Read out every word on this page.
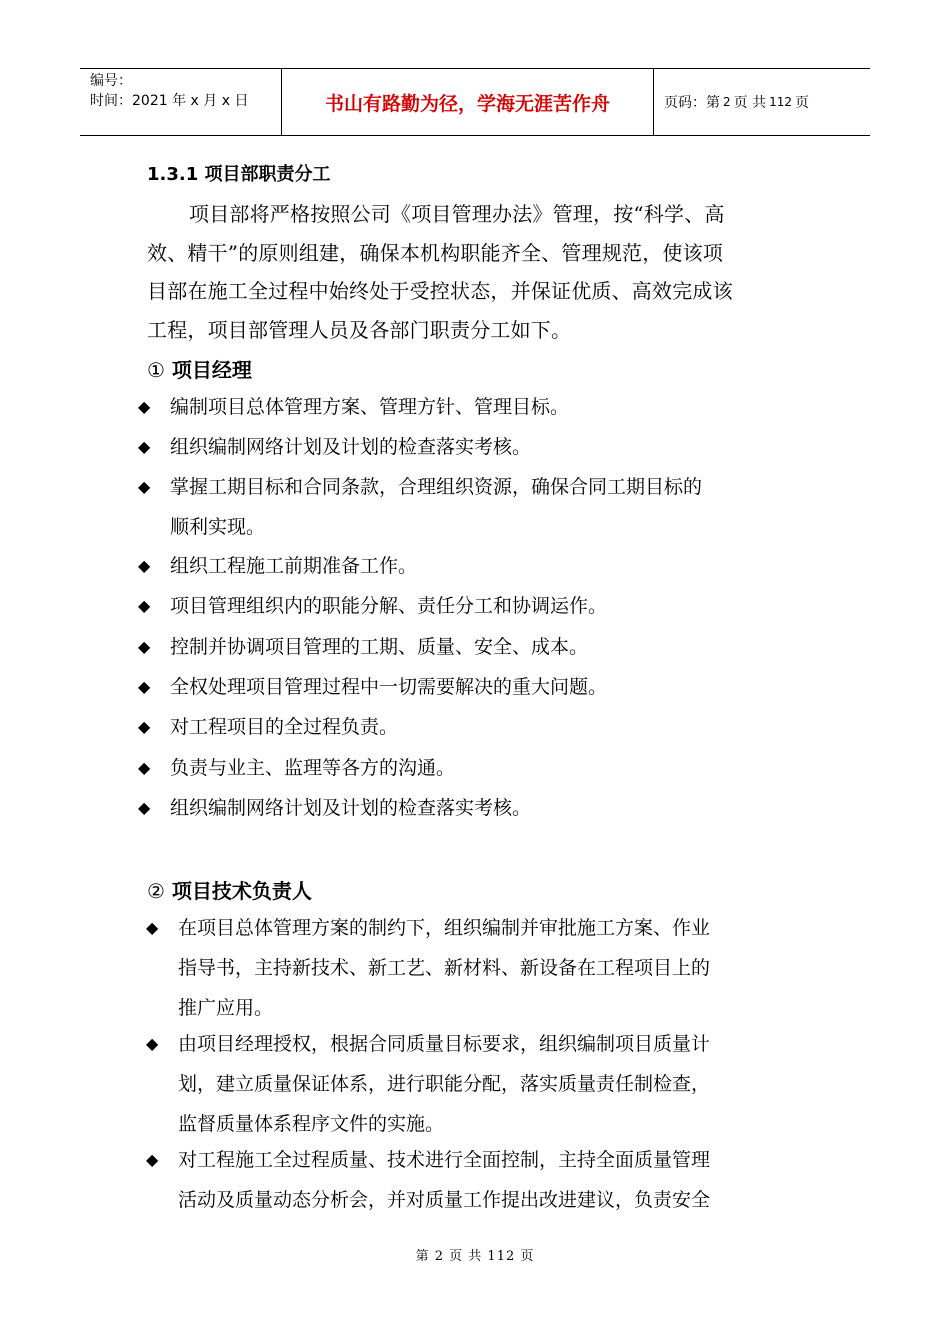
编号：
时间：2021 年 x 月 x 日	书山有路勤为径，学海无涯苦作舟	页码：第 2 页 共 112 页
1.3.1 项目部职责分工
项目部将严格按照公司《项目管理办法》管理，按“科学、高
效、精干”的原则组建，确保本机构职能齐全、管理规范，使该项
目部在施工全过程中始终处于受控状态，并保证优质、高效完成该
工程，项目部管理人员及各部门职责分工如下。
① 项目经理
◆ 编制项目总体管理方案、管理方针、管理目标。
◆ 组织编制网络计划及计划的检查落实考核。
◆ 掌握工期目标和合同条款，合理组织资源，确保合同工期目标的
顺利实现。
◆ 组织工程施工前期准备工作。
◆ 项目管理组织内的职能分解、责任分工和协调运作。
◆ 控制并协调项目管理的工期、质量、安全、成本。
◆ 全权处理项目管理过程中一切需要解决的重大问题。
◆ 对工程项目的全过程负责。
◆ 负责与业主、监理等各方的沟通。
◆ 组织编制网络计划及计划的检查落实考核。
② 项目技术负责人
◆ 在项目总体管理方案的制约下，组织编制并审批施工方案、作业
指导书，主持新技术、新工艺、新材料、新设备在工程项目上的
推广应用。
◆ 由项目经理授权，根据合同质量目标要求，组织编制项目质量计
划，建立质量保证体系，进行职能分配，落实质量责任制检查，
监督质量体系程序文件的实施。
◆ 对工程施工全过程质量、技术进行全面控制，主持全面质量管理
活动及质量动态分析会，并对质量工作提出改进建议，负责安全
第 2 页 共 112 页
